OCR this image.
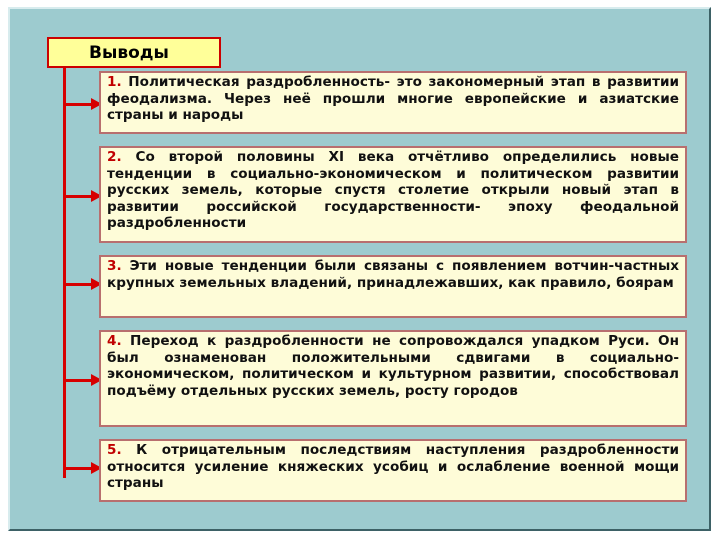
Выводы
1. Политическая раздробленность- это закономерный этап в развитии феодализма. Через неё прошли многие европейские и азиатские страны и народы
2. Со второй половины XI века отчётливо определились новые тенденции в социально-экономическом и политическом развитии русских земель, которые спустя столетие открыли новый этап в развитии российской государственности- эпоху феодальной раздробленности
3. Эти новые тенденции были связаны с появлением вотчин-частных крупных земельных владений, принадлежавших, как правило, боярам
4. Переход к раздробленности не сопровождался упадком Руси. Он был ознаменован положительными сдвигами в социально-экономическом, политическом и культурном развитии, способствовал подъёму отдельных русских земель, росту городов
5. К отрицательным последствиям наступления раздробленности относится усиление княжеских усобиц и ослабление военной мощи страны
